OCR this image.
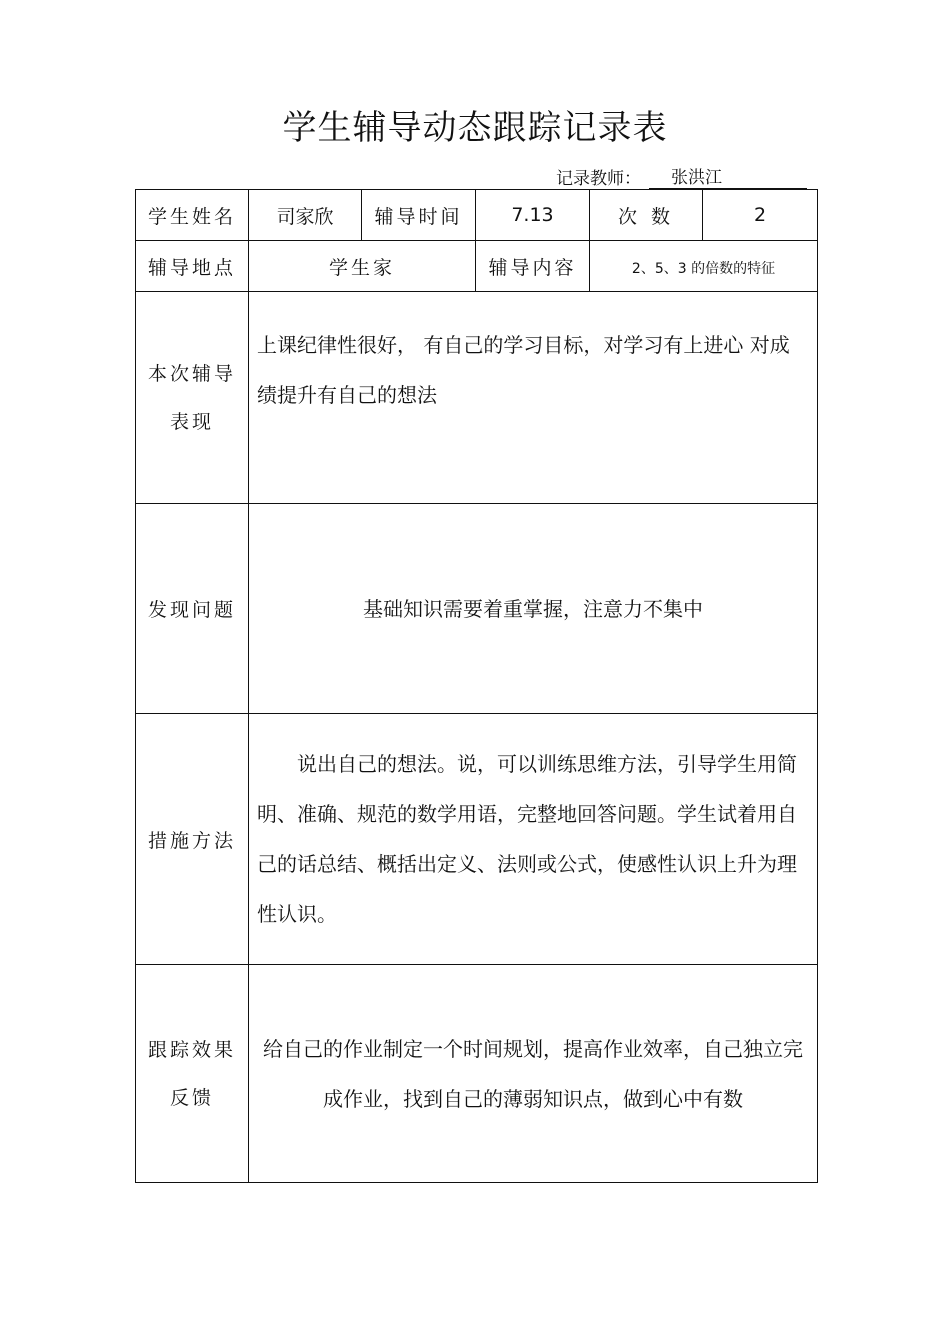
学生辅导动态跟踪记录表
记录教师：	张洪江
学生姓名	司家欣	辅导时间	7.13	次 数	2
辅导地点	学生家		辅导内容	2、5、3 的倍数的特征	

本次辅导
表现	上课纪律性很好， 有自己的学习目标，对学习有上进心 对成绩提升有自己的想法				
发现问题	基础知识需要着重掌握，注意力不集中				
措施方法	说出自己的想法。说，可以训练思维方法，引导学生用简明、准确、规范的数学用语，完整地回答问题。学生试着用自己的话总结、概括出定义、法则或公式，使感性认识上升为理性认识。				

跟踪效果
反馈	给自己的作业制定一个时间规划，提高作业效率，自己独立完成作业，找到自己的薄弱知识点，做到心中有数				
